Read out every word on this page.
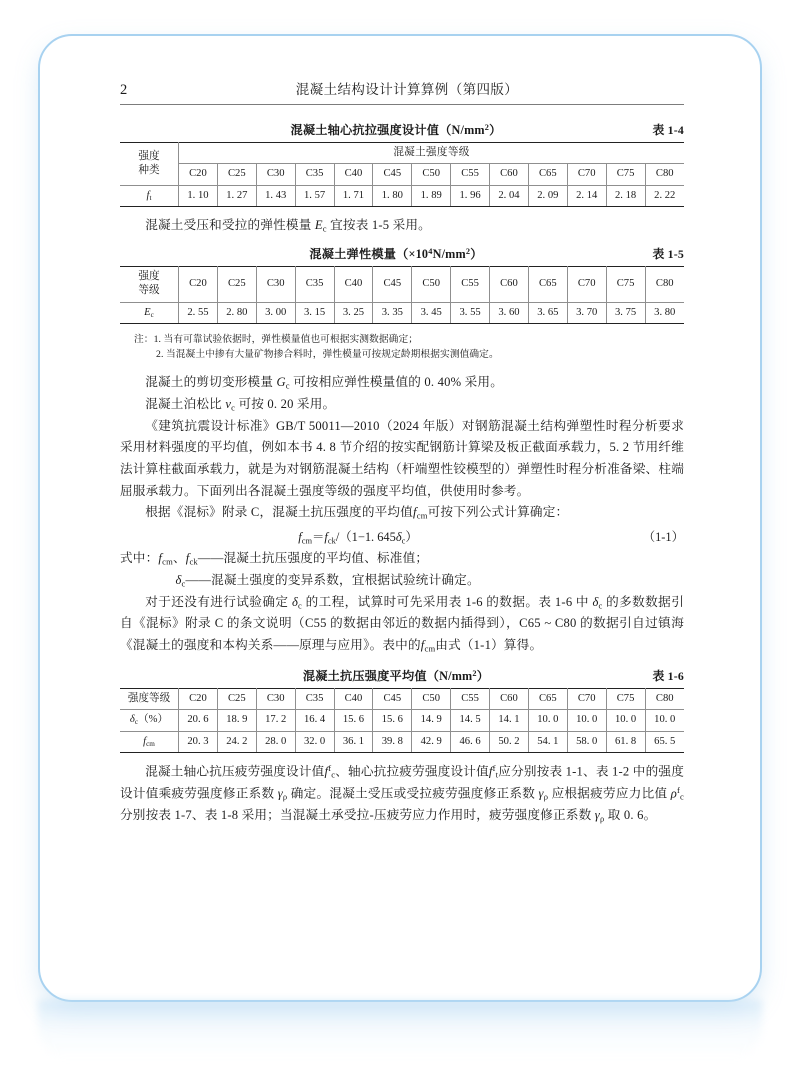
2	混凝土结构设计计算算例（第四版）
混凝土轴心抗拉强度设计值$(N/mm^2)$	表 1-4
强度
种类	混凝土强度等级												
	C20	C25	C30	C35	C40	C45	C50	C55	C60	C65	C70	C75	C80
$f_t$	1. 10	1. 27	1. 43	1. 57	1. 71	1. 80	1. 89	1. 96	2. 04	2. 09	2. 14	2. 18	2. 22

混凝土受压和受拉的弹性模量 $E_c$ 宜按表 1-5 采用。

混凝土弹性模量$(\times 10^4N/mm^2)$	表 1-5
强度
等级	C20	C25	C30	C35	C40	C45	C50	C55	C60	C65	C70	C75	C80
$E_c$	2. 55	2. 80	3. 00	3. 15	3. 25	3. 35	3. 45	3. 55	3. 60	3. 65	3. 70	3. 75	3. 80
注：1. 当有可靠试验依据时，弹性模量值也可根据实测数据确定；
2. 当混凝土中掺有大量矿物掺合料时，弹性模量可按规定龄期根据实测值确定。

混凝土的剪切变形模量 $G_c$ 可按相应弹性模量值的 0. 40% 采用。

混凝土泊松比 $\nu_c$ 可按 0. 20 采用。

《建筑抗震设计标准》GB/T 50011—2010（2024 年版）对钢筋混凝土结构弹塑性时程分析要求采用材料强度的平均值，例如本书 4. 8 节介绍的按实配钢筋计算梁及板正截面承载力，5. 2 节用纤维法计算柱截面承载力，就是为对钢筋混凝土结构（杆端塑性铰模型的）弹塑性时程分析准备梁、柱端屈服承载力。下面列出各混凝土强度等级的强度平均值，供使用时参考。

根据《混标》附录 C，混凝土抗压强度的平均值$f_{cm}$可按下列公式计算确定：

$f_{cm}=f_{ck}/(1-1$. $645\delta_c$）	（1-1）
式中： $f_{cm}$、$f_{ck}——$混凝土抗压强度的平均值、标准值；
$\delta_c——$混凝土强度的变异系数，宜根据试验统计确定。

对于还没有进行试验确定 $\delta_c$ 的工程，试算时可先采用表 1-6 的数据。表 1-6 中 $\delta_c$ 的多数数据引自《混标》附录 C 的条文说明（C55 的数据由邻近的数据内插得到），C65 ~ C80 的数据引自过镇海《混凝土的强度和本构关系——原理与应用》。表中的$f_{cm}$由式（1-1）算得。

混凝土抗压强度平均值$(N/mm^2)$	表 1-6
强度等级	C20	C25	C30	C35	C40	C45	C50	C55	C60	C65	C70	C75	C80
$\delta_c(\%)$	20. 6	18. 9	17. 2	16. 4	15. 6	15. 6	14. 9	14. 5	14. 1	10. 0	10. 0	10. 0	10. 0
$f_{cm}$	20. 3	24. 2	28. 0	32. 0	36. 1	39. 8	42. 9	46. 6	50. 2	54. 1	58. 0	61. 8	65. 5

混凝土轴心抗压疲劳强度设计值$f^f_c$、轴心抗拉疲劳强度设计值$f^f_t$应分别按表 1-1、表 1-2 中的强度设计值乘疲劳强度修正系数 $\gamma_\rho$ 确定。混凝土受压或受拉疲劳强度修正系数 $\gamma_\rho$ 应根据疲劳应力比值 $\rho^f_c$ 分别按表 1-7、表 1-8 采用；当混凝土承受拉-压疲劳应力作用时，疲劳强度修正系数 $\gamma_\rho$ 取 0. 6。
